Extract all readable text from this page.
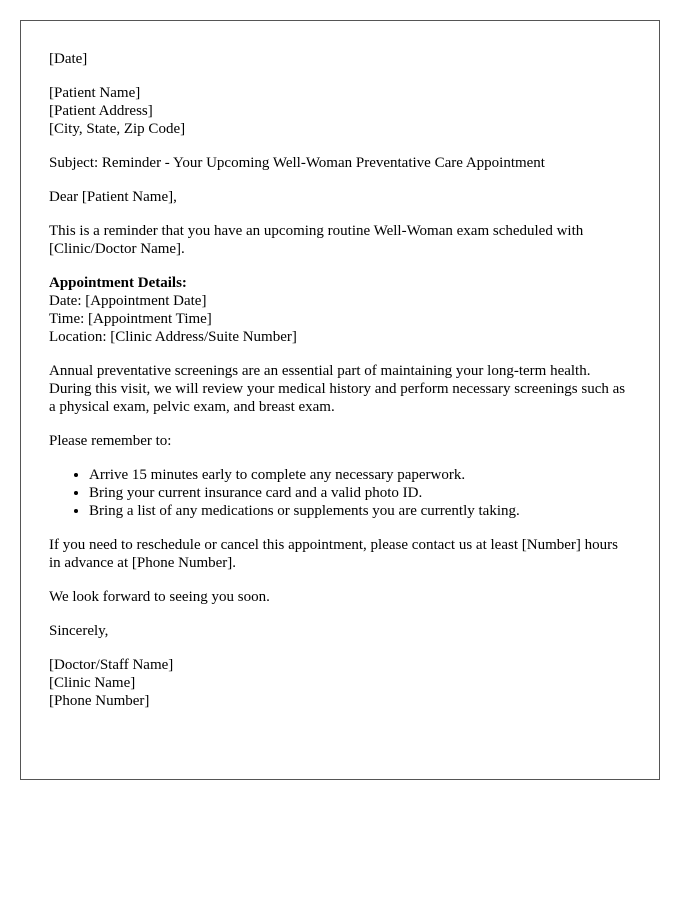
[Date]

[Patient Name]
[Patient Address]
[City, State, Zip Code]

Subject: Reminder - Your Upcoming Well-Woman Preventative Care Appointment

Dear [Patient Name],

This is a reminder that you have an upcoming routine Well-Woman exam scheduled with [Clinic/Doctor Name].

Appointment Details:
Date: [Appointment Date]
Time: [Appointment Time]
Location: [Clinic Address/Suite Number]

Annual preventative screenings are an essential part of maintaining your long-term health. During this visit, we will review your medical history and perform necessary screenings such as a physical exam, pelvic exam, and breast exam.

Please remember to:

• Arrive 15 minutes early to complete any necessary paperwork.
• Bring your current insurance card and a valid photo ID.
• Bring a list of any medications or supplements you are currently taking.

If you need to reschedule or cancel this appointment, please contact us at least [Number] hours in advance at [Phone Number].

We look forward to seeing you soon.

Sincerely,

[Doctor/Staff Name]
[Clinic Name]
[Phone Number]
